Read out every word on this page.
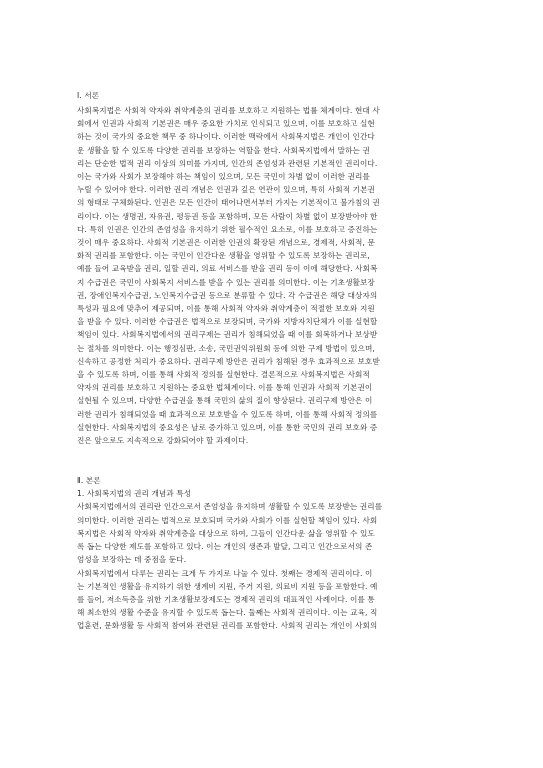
Ⅰ. 서론

사회복지법은 사회적 약자와 취약계층의 권리를 보호하고 지원하는 법률 체계이다. 현대 사

회에서 인권과 사회적 기본권은 매우 중요한 가치로 인식되고 있으며, 이를 보호하고 실현

하는 것이 국가의 중요한 책무 중 하나이다. 이러한 맥락에서 사회복지법은 개인이 인간다

운 생활을 할 수 있도록 다양한 권리를 보장하는 역할을 한다. 사회복지법에서 말하는 권

리는 단순한 법적 권리 이상의 의미를 가지며, 인간의 존엄성과 관련된 기본적인 권리이다.

이는 국가와 사회가 보장해야 하는 책임이 있으며, 모든 국민이 차별 없이 이러한 권리를

누릴 수 있어야 한다. 이러한 권리 개념은 인권과 깊은 연관이 있으며, 특히 사회적 기본권

의 형태로 구체화된다. 인권은 모든 인간이 태어나면서부터 가지는 기본적이고 불가침의 권

리이다. 이는 생명권, 자유권, 평등권 등을 포함하며, 모든 사람이 차별 없이 보장받아야 한

다. 특히 인권은 인간의 존엄성을 유지하기 위한 필수적인 요소로, 이를 보호하고 증진하는

것이 매우 중요하다. 사회적 기본권은 이러한 인권의 확장된 개념으로, 경제적, 사회적, 문

화적 권리를 포함한다. 이는 국민이 인간다운 생활을 영위할 수 있도록 보장하는 권리로,

예를 들어 교육받을 권리, 일할 권리, 의료 서비스를 받을 권리 등이 이에 해당한다. 사회복

지 수급권은 국민이 사회복지 서비스를 받을 수 있는 권리를 의미한다. 이는 기초생활보장

권, 장애인복지수급권, 노인복지수급권 등으로 분류할 수 있다. 각 수급권은 해당 대상자의

특성과 필요에 맞추어 제공되며, 이를 통해 사회적 약자와 취약계층이 적절한 보호와 지원

을 받을 수 있다. 이러한 수급권은 법적으로 보장되며, 국가와 지방자치단체가 이를 실현할

책임이 있다. 사회복지법에서의 권리구제는 권리가 침해되었을 때 이를 회복하거나 보상받

는 절차를 의미한다. 이는 행정심판, 소송, 국민권익위원회 등에 의한 구제 방법이 있으며,

신속하고 공정한 처리가 중요하다. 권리구제 방안은 권리가 침해된 경우 효과적으로 보호받

을 수 있도록 하며, 이를 통해 사회적 정의를 실현한다. 결론적으로 사회복지법은 사회적

약자의 권리를 보호하고 지원하는 중요한 법체계이다. 이를 통해 인권과 사회적 기본권이

실현될 수 있으며, 다양한 수급권을 통해 국민의 삶의 질이 향상된다. 권리구제 방안은 이

러한 권리가 침해되었을 때 효과적으로 보호받을 수 있도록 하며, 이를 통해 사회적 정의를

실현한다. 사회복지법의 중요성은 날로 증가하고 있으며, 이를 통한 국민의 권리 보호와 증

진은 앞으로도 지속적으로 강화되어야 할 과제이다.

Ⅱ. 본론

1. 사회복지법의 권리 개념과 특성

사회복지법에서의 권리란 인간으로서 존엄성을 유지하며 생활할 수 있도록 보장받는 권리를

의미한다. 이러한 권리는 법적으로 보호되며 국가와 사회가 이를 실현할 책임이 있다. 사회

복지법은 사회적 약자와 취약계층을 대상으로 하여, 그들이 인간다운 삶을 영위할 수 있도

록 돕는 다양한 제도를 포함하고 있다. 이는 개인의 생존과 발달, 그리고 인간으로서의 존

엄성을 보장하는 데 중점을 둔다.

사회복지법에서 다루는 권리는 크게 두 가지로 나눌 수 있다. 첫째는 경제적 권리이다. 이

는 기본적인 생활을 유지하기 위한 생계비 지원, 주거 지원, 의료비 지원 등을 포함한다. 예

를 들어, 저소득층을 위한 기초생활보장제도는 경제적 권리의 대표적인 사례이다. 이를 통

해 최소한의 생활 수준을 유지할 수 있도록 돕는다. 둘째는 사회적 권리이다. 이는 교육, 직

업훈련, 문화생활 등 사회적 참여와 관련된 권리를 포함한다. 사회적 권리는 개인이 사회의
